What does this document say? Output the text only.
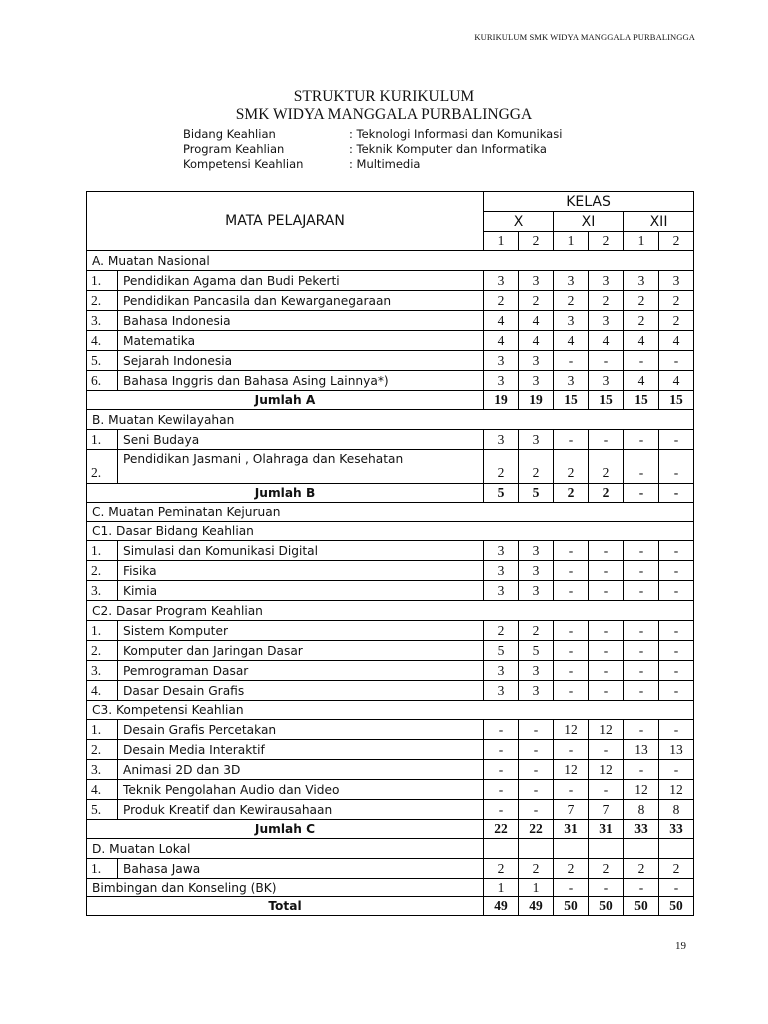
KURIKULUM SMK WIDYA MANGGALA PURBALINGGA
STRUKTUR KURIKULUM
SMK WIDYA MANGGALA PURBALINGGA
Bidang Keahlian	: Teknologi Informasi dan Komunikasi
Program Keahlian	: Teknik Komputer dan Informatika
Kompetensi Keahlian	: Multimedia
MATA PELAJARAN		KELAS					
		X		XI		XII	
		1	2	1	2	1	2
A. Muatan Nasional							
1.	Pendidikan Agama dan Budi Pekerti	3	3	3	3	3	3
2.	Pendidikan Pancasila dan Kewarganegaraan	2	2	2	2	2	2
3.	Bahasa Indonesia	4	4	3	3	2	2
4.	Matematika	4	4	4	4	4	4
5.	Sejarah Indonesia	3	3	-	-	-	-
6.	Bahasa Inggris dan Bahasa Asing Lainnya*)	3	3	3	3	4	4
Jumlah A		19	19	15	15	15	15
B. Muatan Kewilayahan							
1.	Seni Budaya	3	3	-	-	-	-
2.	Pendidikan Jasmani , Olahraga dan Kesehatan	2	2	2	2	-	-
Jumlah B		5	5	2	2	-	-
C. Muatan Peminatan Kejuruan							
C1. Dasar Bidang Keahlian							
1.	Simulasi dan Komunikasi Digital	3	3	-	-	-	-
2.	Fisika	3	3	-	-	-	-
3.	Kimia	3	3	-	-	-	-
C2. Dasar Program Keahlian							
1.	Sistem Komputer	2	2	-	-	-	-
2.	Komputer dan Jaringan Dasar	5	5	-	-	-	-
3.	Pemrograman Dasar	3	3	-	-	-	-
4.	Dasar Desain Grafis	3	3	-	-	-	-
C3. Kompetensi Keahlian							
1.	Desain Grafis Percetakan	-	-	12	12	-	-
2.	Desain Media Interaktif	-	-	-	-	13	13
3.	Animasi 2D dan 3D	-	-	12	12	-	-
4.	Teknik Pengolahan Audio dan Video	-	-	-	-	12	12
5.	Produk Kreatif dan Kewirausahaan	-	-	7	7	8	8
Jumlah C		22	22	31	31	33	33
D. Muatan Lokal							
1.	Bahasa Jawa	2	2	2	2	2	2
Bimbingan dan Konseling (BK)		1	1	-	-	-	-
Total		49	49	50	50	50	50
19
